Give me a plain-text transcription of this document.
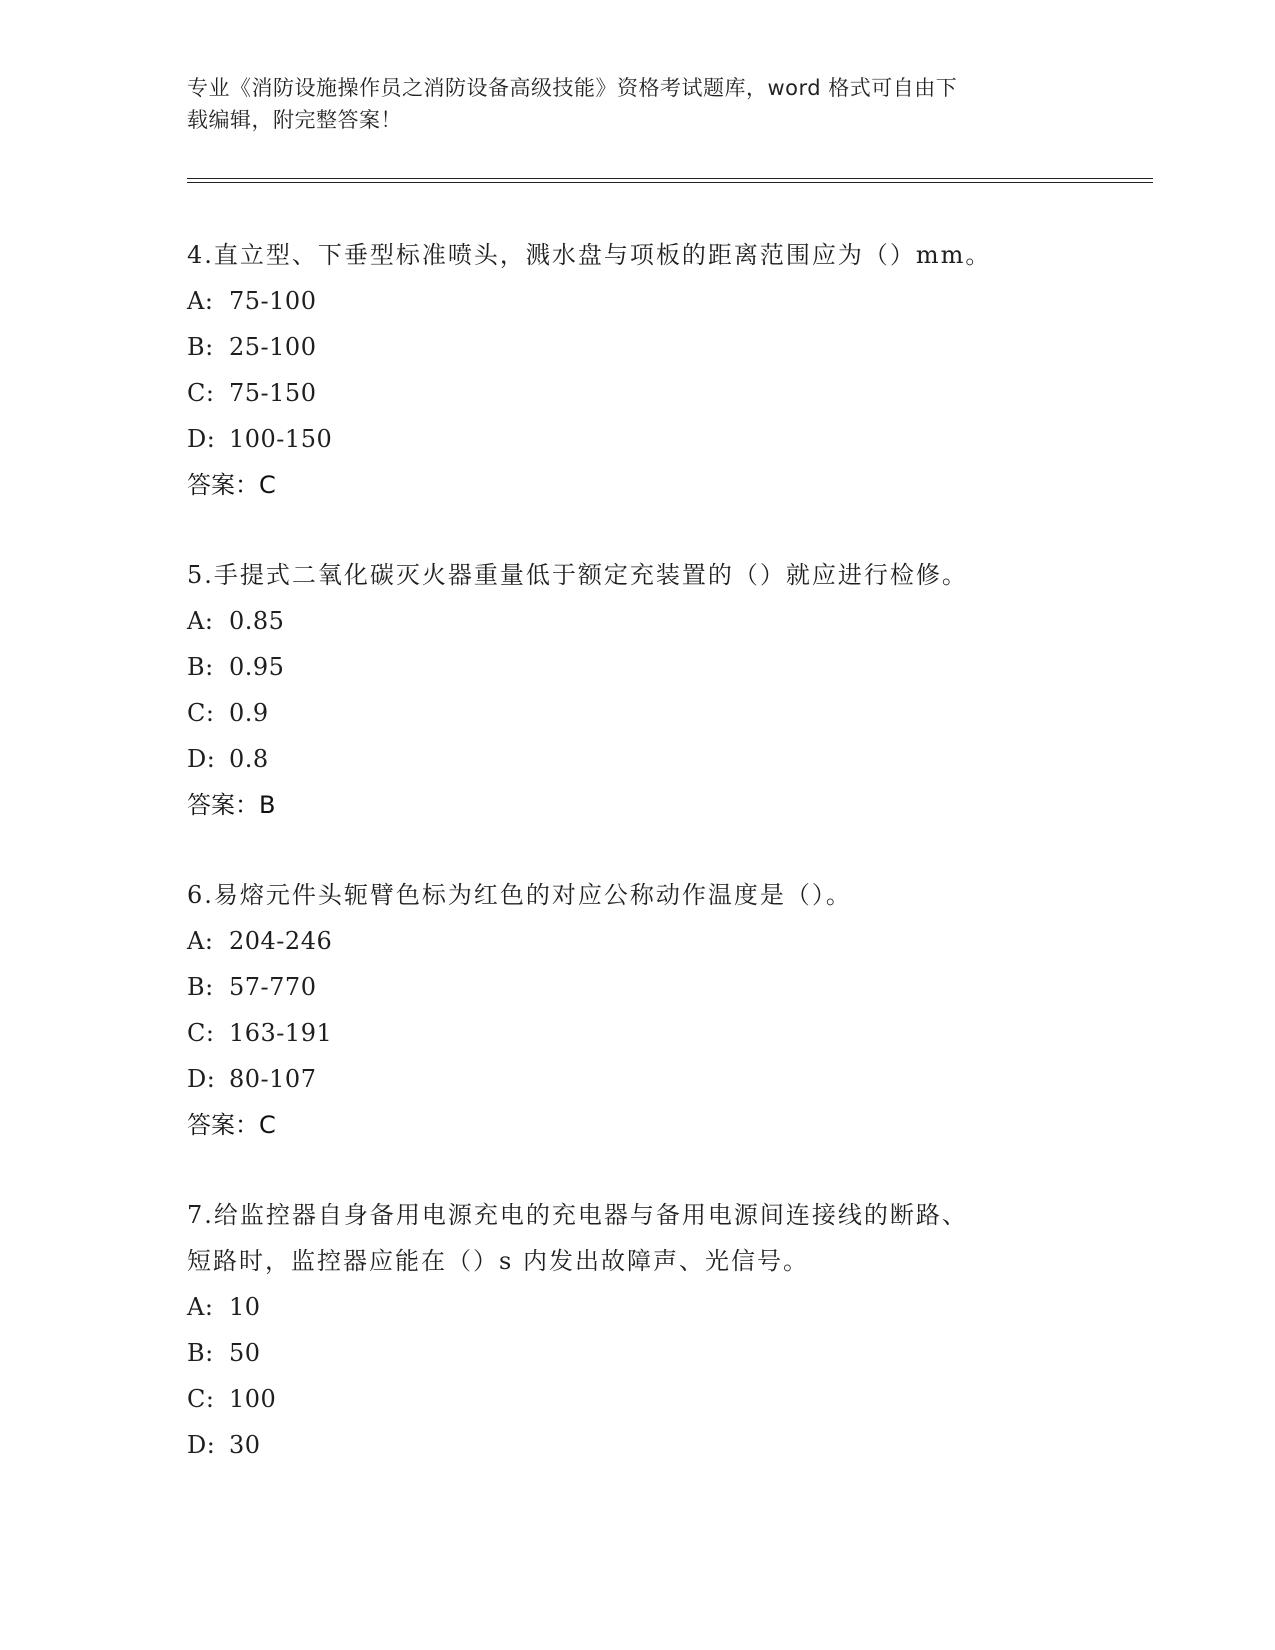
专业《消防设施操作员之消防设备高级技能》资格考试题库，word 格式可自由下
载编辑，附完整答案！

4.直立型、下垂型标准喷头，溅水盘与项板的距离范围应为（）mm。

A: 75-100

B: 25-100

C: 75-150

D: 100-150

答案：C

5.手提式二氧化碳灭火器重量低于额定充装置的（）就应进行检修。

A: 0.85

B: 0.95

C: 0.9

D: 0.8

答案：B

6.易熔元件头轭臂色标为红色的对应公称动作温度是（）。

A: 204-246

B: 57-770

C: 163-191

D: 80-107

答案：C

7.给监控器自身备用电源充电的充电器与备用电源间连接线的断路、

短路时，监控器应能在（）s 内发出故障声、光信号。

A: 10

B: 50

C: 100

D: 30
